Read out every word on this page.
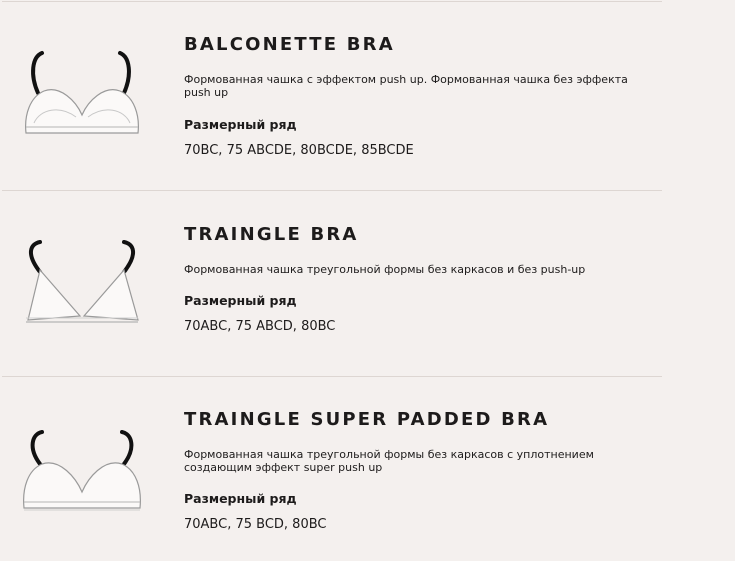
BALCONETTE BRA
Формованная чашка с эффектом push up. Формованная чашка без эффекта push up
Размерный ряд
70BC, 75 ABCDE, 80BCDE, 85BCDE
TRAINGLE BRA
Формованная чашка треугольной формы без каркасов и без push-up
Размерный ряд
70ABC, 75 ABCD, 80BC
TRAINGLE SUPER PADDED BRA
Формованная чашка треугольной формы без каркасов с уплотнением создающим эффект super push up
Размерный ряд
70ABC, 75 BCD, 80BC
